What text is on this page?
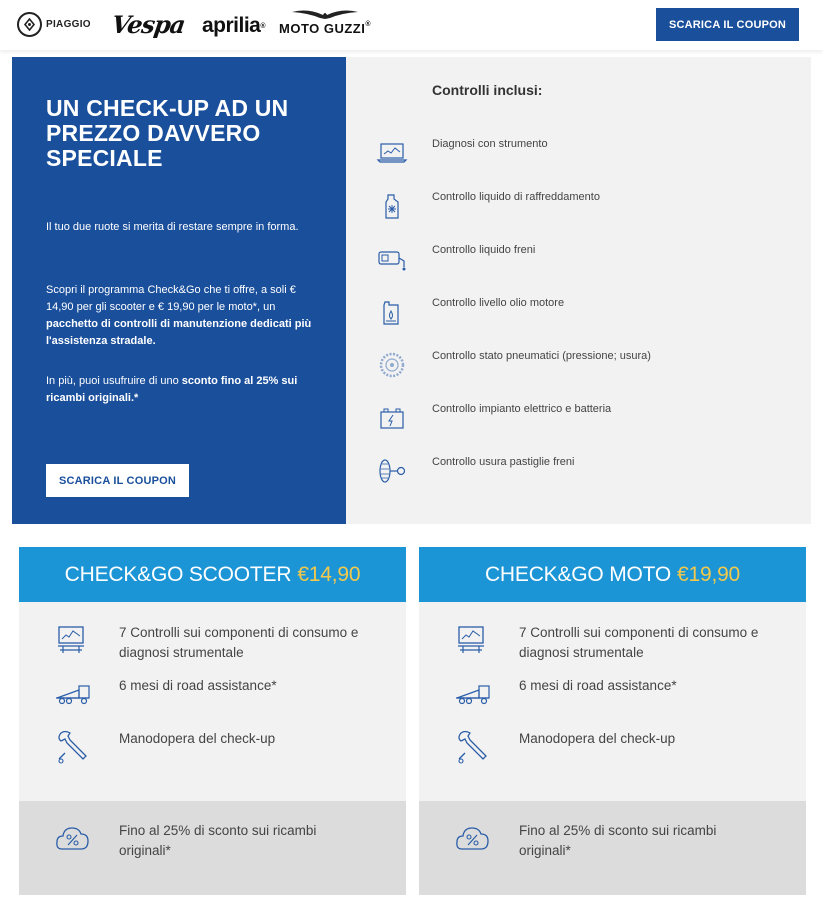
PIAGGIO Vespa aprilia ® MOTO GUZZI®	SCARICA IL COUPON
UN CHECK-UP AD UN PREZZO DAVVERO SPECIALE

Il tuo due ruote si merita di restare sempre in forma.

Scopri il programma Check&Go che ti offre, a soli € 14,90 per gli scooter e € 19,90 per le moto*, un pacchetto di controlli di manutenzione dedicati più l'assistenza stradale.

In più, puoi usufruire di uno sconto fino al 25% sui ricambi originali.*

SCARICA IL COUPON
Controlli inclusi:
Diagnosi con strumento
Controllo liquido di raffreddamento
Controllo liquido freni
Controllo livello olio motore
Controllo stato pneumatici (pressione; usura)
Controllo impianto elettrico e batteria
Controllo usura pastiglie freni
CHECK&GO SCOOTER €14,90
7 Controlli sui componenti di consumo e diagnosi strumentale
6 mesi di road assistance*
Manodopera del check-up
Fino al 25% di sconto sui ricambi originali*
CHECK&GO MOTO €19,90
7 Controlli sui componenti di consumo e diagnosi strumentale
6 mesi di road assistance*
Manodopera del check-up
Fino al 25% di sconto sui ricambi originali*
